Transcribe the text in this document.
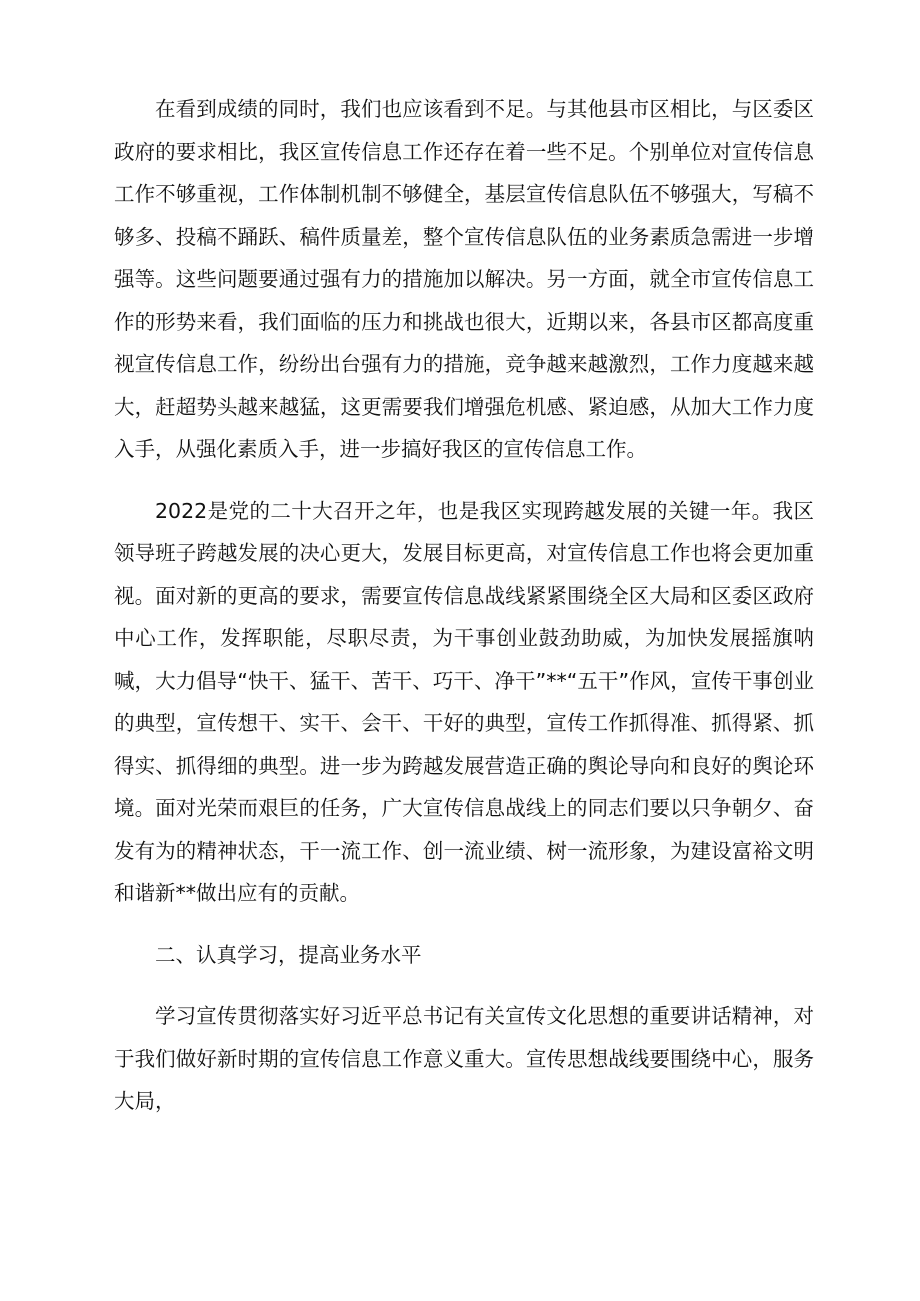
在看到成绩的同时，我们也应该看到不足。与其他县市区相比，与区委区政府的要求相比，我区宣传信息工作还存在着一些不足。个别单位对宣传信息工作不够重视，工作体制机制不够健全，基层宣传信息队伍不够强大，写稿不够多、投稿不踊跃、稿件质量差，整个宣传信息队伍的业务素质急需进一步增强等。这些问题要通过强有力的措施加以解决。另一方面，就全市宣传信息工作的形势来看，我们面临的压力和挑战也很大，近期以来，各县市区都高度重视宣传信息工作，纷纷出台强有力的措施，竞争越来越激烈，工作力度越来越大，赶超势头越来越猛，这更需要我们增强危机感、紧迫感，从加大工作力度入手，从强化素质入手，进一步搞好我区的宣传信息工作。

2022是党的二十大召开之年，也是我区实现跨越发展的关键一年。我区领导班子跨越发展的决心更大，发展目标更高，对宣传信息工作也将会更加重视。面对新的更高的要求，需要宣传信息战线紧紧围绕全区大局和区委区政府中心工作，发挥职能，尽职尽责，为干事创业鼓劲助威，为加快发展摇旗呐喊，大力倡导“快干、猛干、苦干、巧干、净干”**“五干”作风，宣传干事创业的典型，宣传想干、实干、会干、干好的典型，宣传工作抓得准、抓得紧、抓得实、抓得细的典型。进一步为跨越发展营造正确的舆论导向和良好的舆论环境。面对光荣而艰巨的任务，广大宣传信息战线上的同志们要以只争朝夕、奋发有为的精神状态，干一流工作、创一流业绩、树一流形象，为建设富裕文明和谐新**做出应有的贡献。

二、认真学习，提高业务水平

学习宣传贯彻落实好习近平总书记有关宣传文化思想的重要讲话精神，对于我们做好新时期的宣传信息工作意义重大。宣传思想战线要围绕中心，服务大局，
